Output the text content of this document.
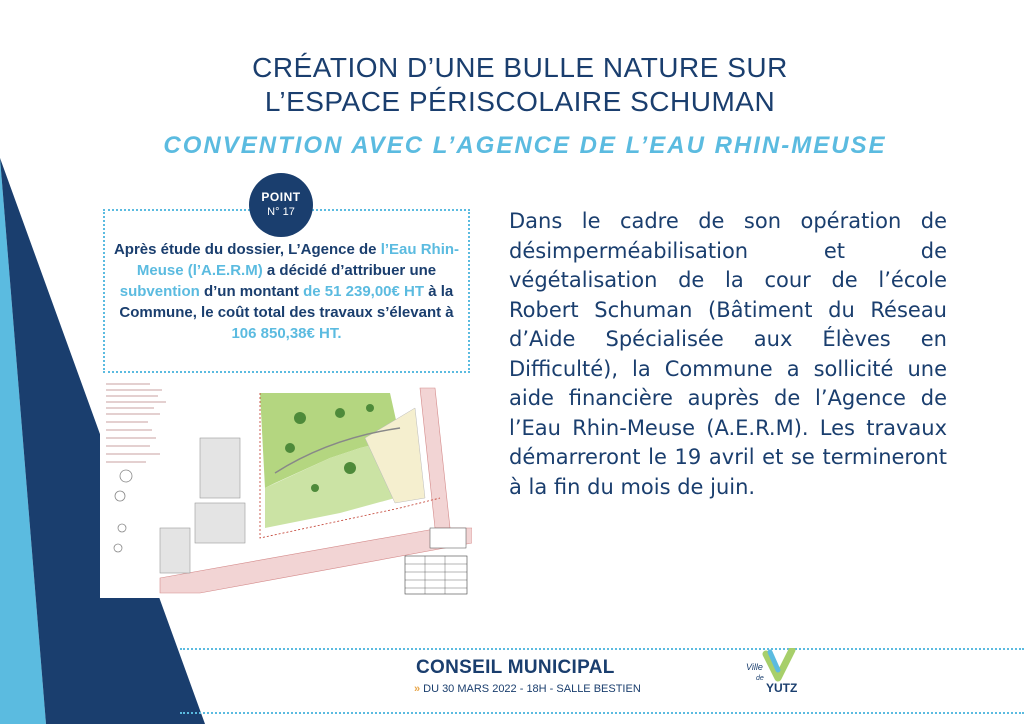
CRÉATION D’UNE BULLE NATURE SUR
L’ESPACE PÉRISCOLAIRE SCHUMAN
CONVENTION AVEC L’AGENCE DE L’EAU RHIN-MEUSE
POINT
N° 17
Après étude du dossier, L’Agence de l’Eau Rhin-Meuse (l’A.E.R.M) a décidé d’attribuer une subvention d’un montant de 51 239,00€ HT à la Commune, le coût total des travaux s’élevant à 106 850,38€ HT.
Dans le cadre de son opération de désimperméabilisation et de végétalisation de la cour de l’école Robert Schuman (Bâtiment du Réseau d’Aide Spécialisée aux Élèves en Difficulté), la Commune a sollicité une aide financière auprès de l’Agence de l’Eau Rhin-Meuse (A.E.R.M). Les travaux démarreront le 19 avril et se termineront à la fin du mois de juin.
CONSEIL MUNICIPAL
» DU 30 MARS 2022 - 18H - SALLE BESTIEN
Ville
de
YUTZ
